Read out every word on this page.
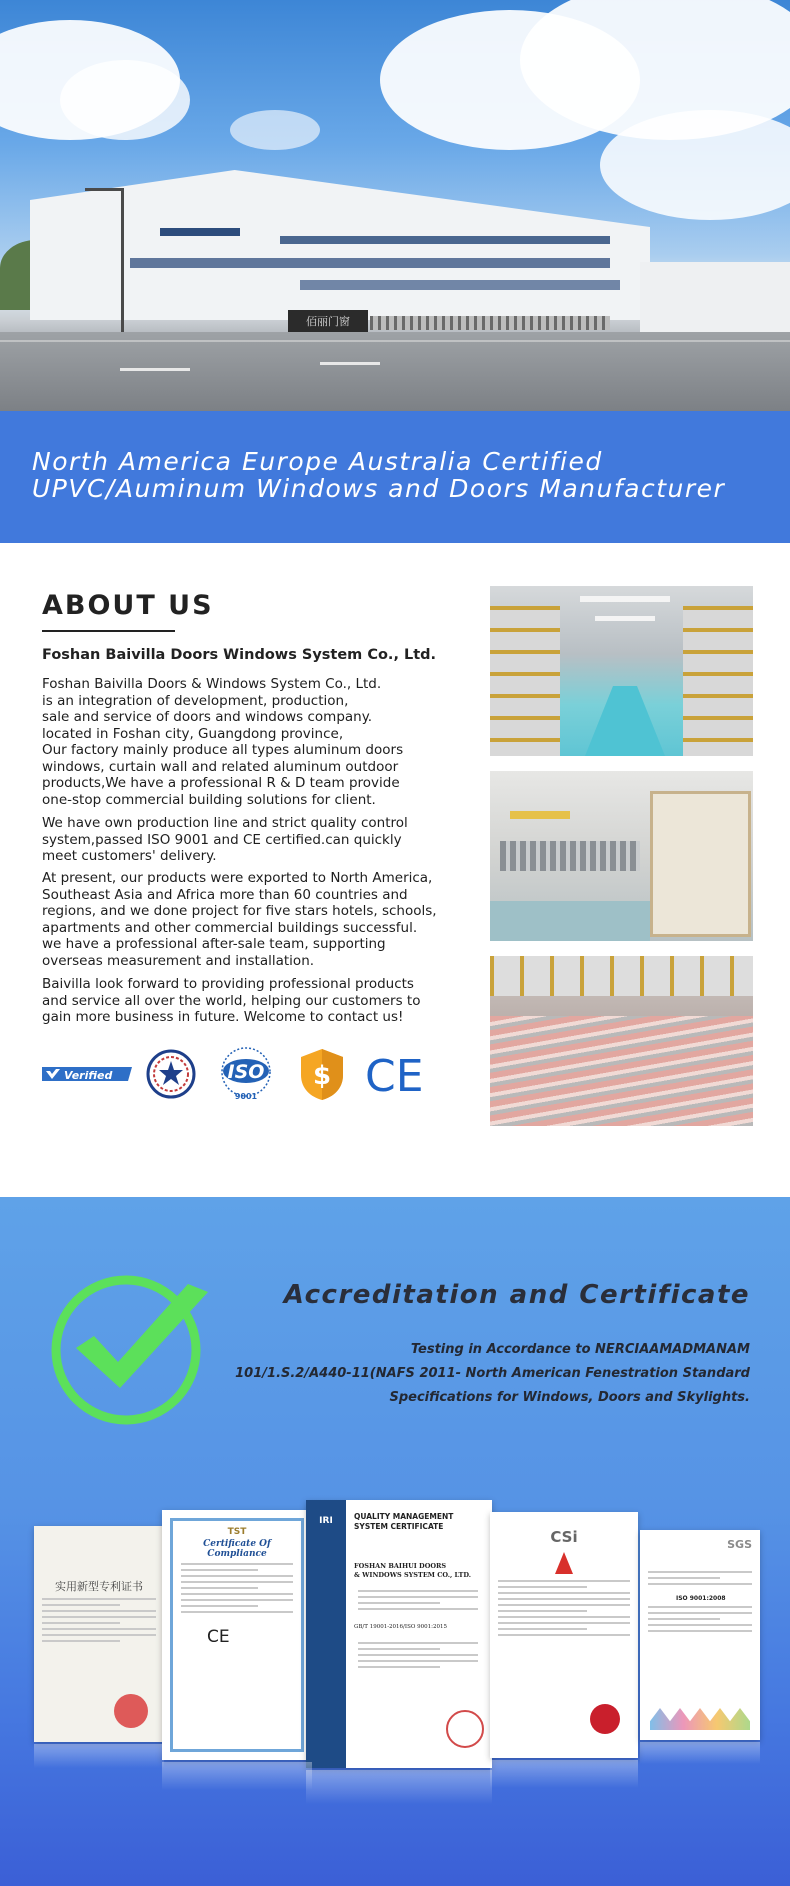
佰丽门窗
North America Europe Australia Certified
UPVC/Auminum Windows and Doors Manufacturer
ABOUT US
Foshan Baivilla Doors Windows System Co., Ltd.
Foshan Baivilla Doors & Windows System Co., Ltd.
is an integration of development, production,
sale and service of doors and windows company.
located in Foshan city, Guangdong province,
Our factory mainly produce all types aluminum doors
windows, curtain wall and related aluminum outdoor
products,We have a professional R & D team provide
one-stop commercial building solutions for client.
We have own production line and strict quality control
system,passed ISO 9001 and CE certified.can quickly
meet customers' delivery.
At present, our products were exported to North America,
Southeast Asia and Africa more than 60 countries and
regions, and we done project for five stars hotels, schools,
apartments and other commercial buildings successful.
we have a professional after-sale team, supporting
overseas measurement and installation.
Baivilla look forward to providing professional products
and service all over the world, helping our customers to
gain more business in future. Welcome to contact us!
Verified	ISO
9001
$ CE
Accreditation and Certificate
Testing in Accordance to NERCIAAMADMANAM
101/1.S.2/A440-11(NAFS 2011- North American Fenestration Standard
Specifications for Windows, Doors and Skylights.
实用新型专利证书
TST
Certificate Of Compliance
CE
IRI	QUALITY MANAGEMENT
SYSTEM CERTIFICATE
FOSHAN BAIHUI DOORS
& WINDOWS SYSTEM CO., LTD.
GB/T 19001-2016/ISO 9001:2015
CSi	SGS
ISO 9001:2008
